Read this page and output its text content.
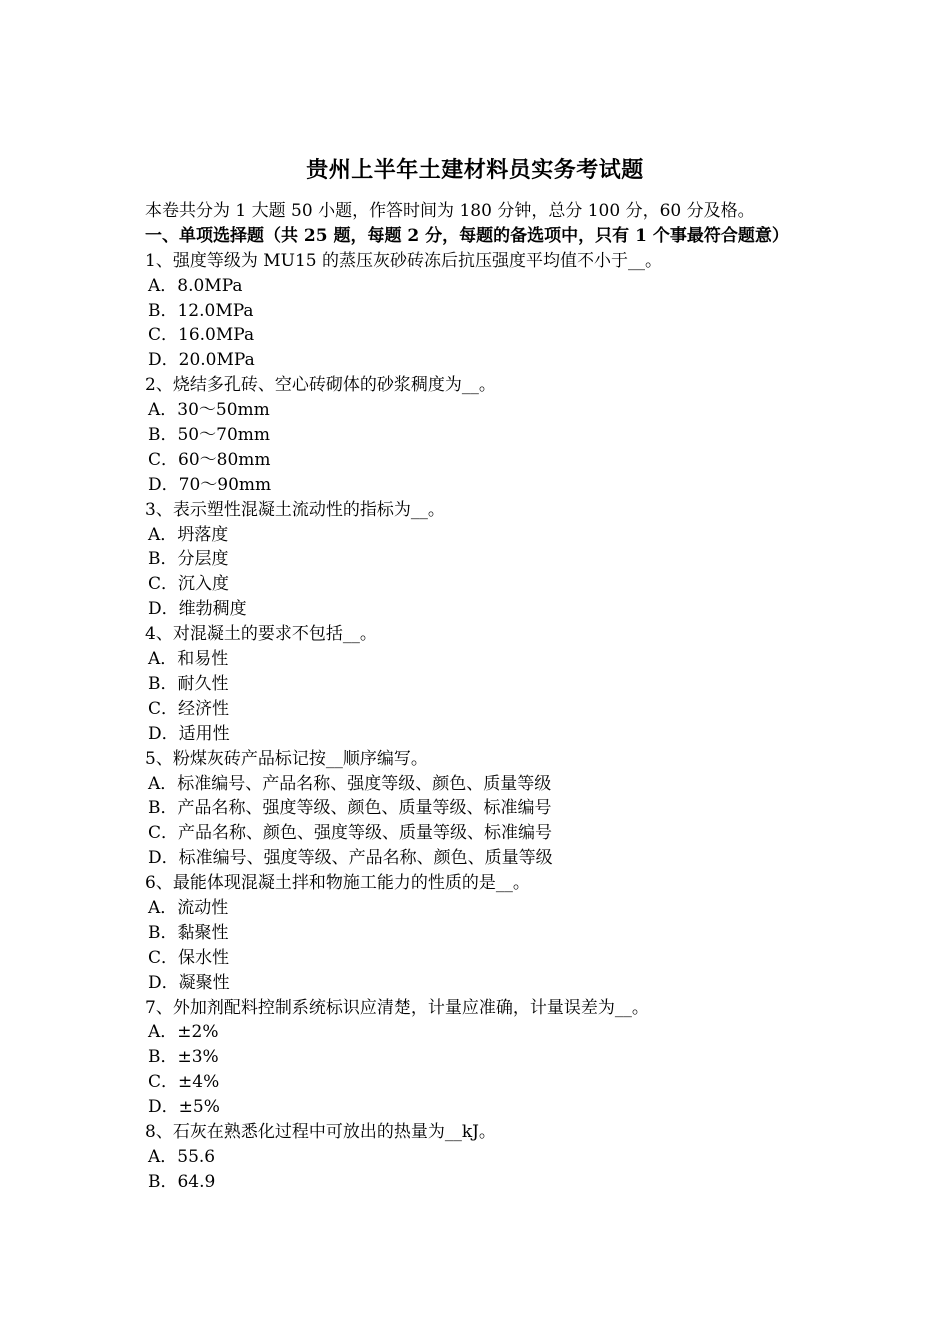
贵州上半年土建材料员实务考试题
本卷共分为 1 大题 50 小题，作答时间为 180 分钟，总分 100 分，60 分及格。
一、单项选择题（共 25 题，每题 2 分，每题的备选项中，只有 1 个事最符合题意）
1、强度等级为 MU15 的蒸压灰砂砖冻后抗压强度平均值不小于__。
A．8.0MPa
B．12.0MPa
C．16.0MPa
D．20.0MPa
2、烧结多孔砖、空心砖砌体的砂浆稠度为__。
A．30～50mm
B．50～70mm
C．60～80mm
D．70～90mm
3、表示塑性混凝土流动性的指标为__。
A．坍落度
B．分层度
C．沉入度
D．维勃稠度
4、对混凝土的要求不包括__。
A．和易性
B．耐久性
C．经济性
D．适用性
5、粉煤灰砖产品标记按__顺序编写。
A．标准编号、产品名称、强度等级、颜色、质量等级
B．产品名称、强度等级、颜色、质量等级、标准编号
C．产品名称、颜色、强度等级、质量等级、标准编号
D．标准编号、强度等级、产品名称、颜色、质量等级
6、最能体现混凝土拌和物施工能力的性质的是__。
A．流动性
B．黏聚性
C．保水性
D．凝聚性
7、外加剂配料控制系统标识应清楚，计量应准确，计量误差为__。
A．±2%
B．±3%
C．±4%
D．±5%
8、石灰在熟悉化过程中可放出的热量为__kJ。
A．55.6
B．64.9
